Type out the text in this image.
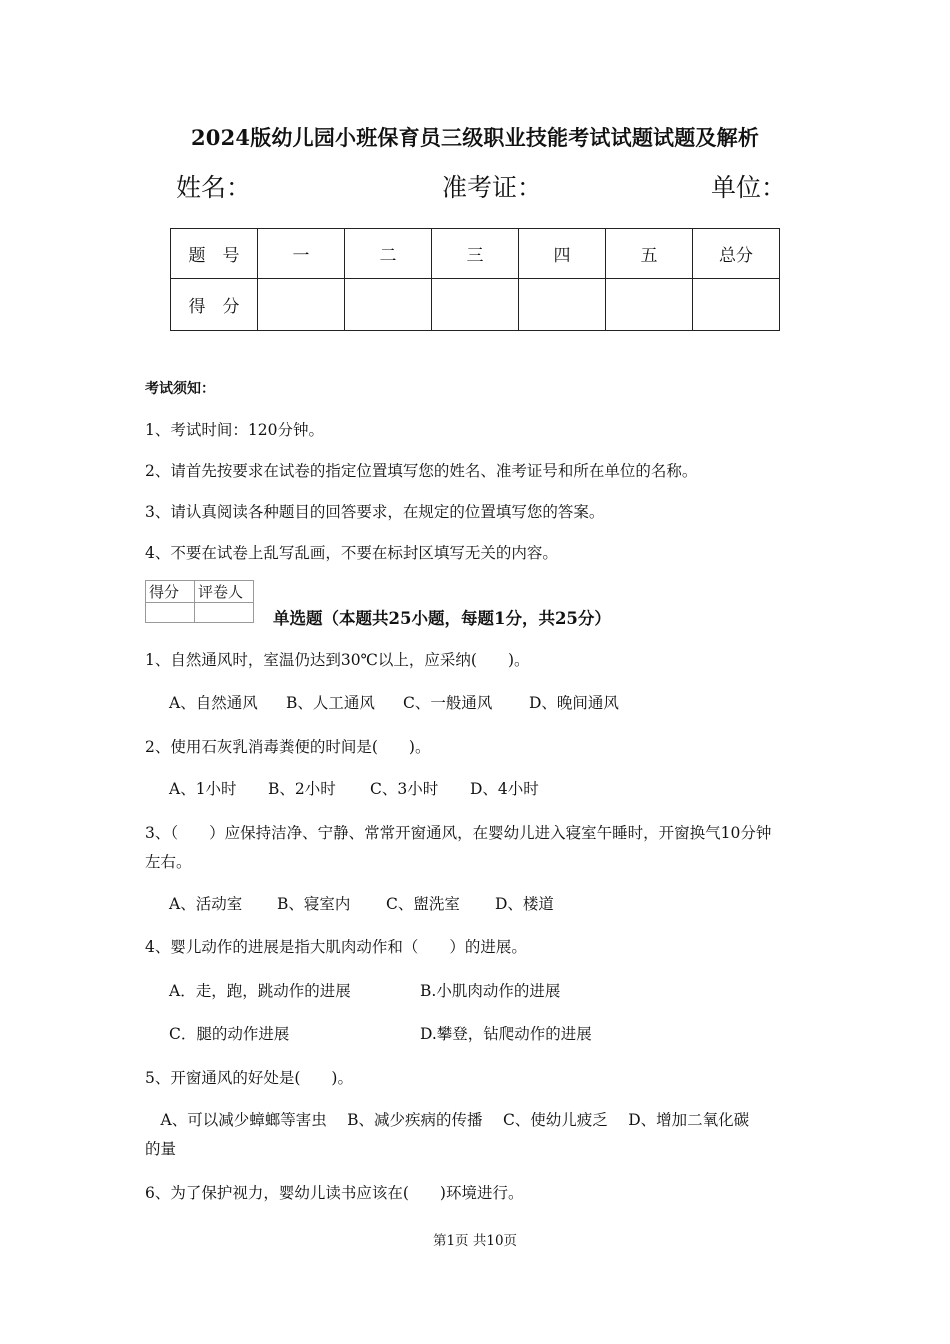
2024版幼儿园小班保育员三级职业技能考试试题试题及解析
姓名：	准考证：	单位：
题　号	一	二	三	四	五	总分
得　分						
考试须知：
1、考试时间：120分钟。
2、请首先按要求在试卷的指定位置填写您的姓名、准考证号和所在单位的名称。
3、请认真阅读各种题目的回答要求，在规定的位置填写您的答案。
4、不要在试卷上乱写乱画，不要在标封区填写无关的内容。
得分	评卷人

单选题（本题共25小题，每题1分，共25分）
1、自然通风时，室温仍达到30℃以上，应采纳(　　)。
A、自然通风 B、人工通风 C、一般通风 D、晚间通风
2、使用石灰乳消毒粪便的时间是(　　)。
A、1小时 B、2小时 C、3小时 D、4小时
3、（　　）应保持洁净、宁静、常常开窗通风，在婴幼儿进入寝室午睡时，开窗换气10分钟
左右。
A、活动室 B、寝室内 C、盥洗室 D、楼道
4、婴儿动作的进展是指大肌肉动作和（　　）的进展。
A．走，跑，跳动作的进展	B.小肌肉动作的进展
C．腿的动作进展	D.攀登，钻爬动作的进展
5、开窗通风的好处是(　　)。
　A、可以减少蟑螂等害虫　 B、减少疾病的传播　 C、使幼儿疲乏　 D、增加二氧化碳
的量
6、为了保护视力，婴幼儿读书应该在(　　)环境进行。
第1页 共10页
